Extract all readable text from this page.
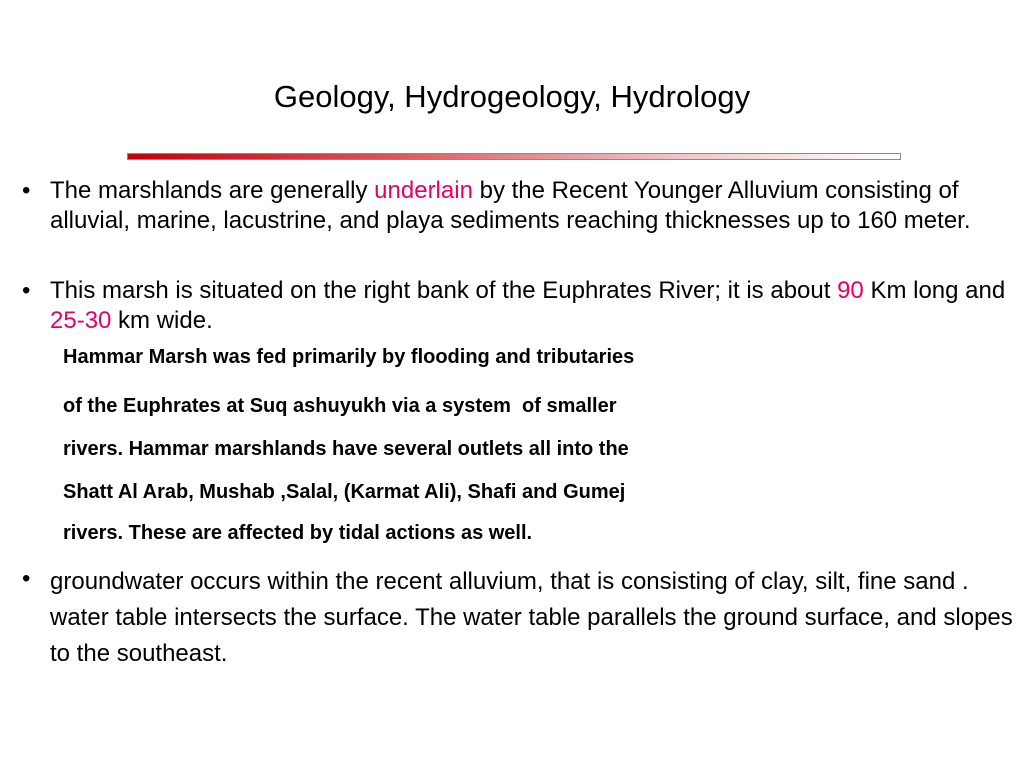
Geology, Hydrogeology, Hydrology
• The marshlands are generally underlain by the Recent Younger Alluvium consisting of alluvial, marine, lacustrine, and playa sediments reaching thicknesses up to 160 meter.
• This marsh is situated on the right bank of the Euphrates River; it is about 90 Km long and 25-30 km wide.
Hammar Marsh was fed primarily by flooding and tributaries
of the Euphrates at Suq ashuyukh via a system  of smaller
rivers. Hammar marshlands have several outlets all into the
Shatt Al Arab, Mushab ,Salal, (Karmat Ali), Shafi and Gumej
rivers. These are affected by tidal actions as well.
• groundwater occurs within the recent alluvium, that is consisting of clay, silt, fine sand . water table intersects the surface. The water table parallels the ground surface, and slopes to the southeast.
